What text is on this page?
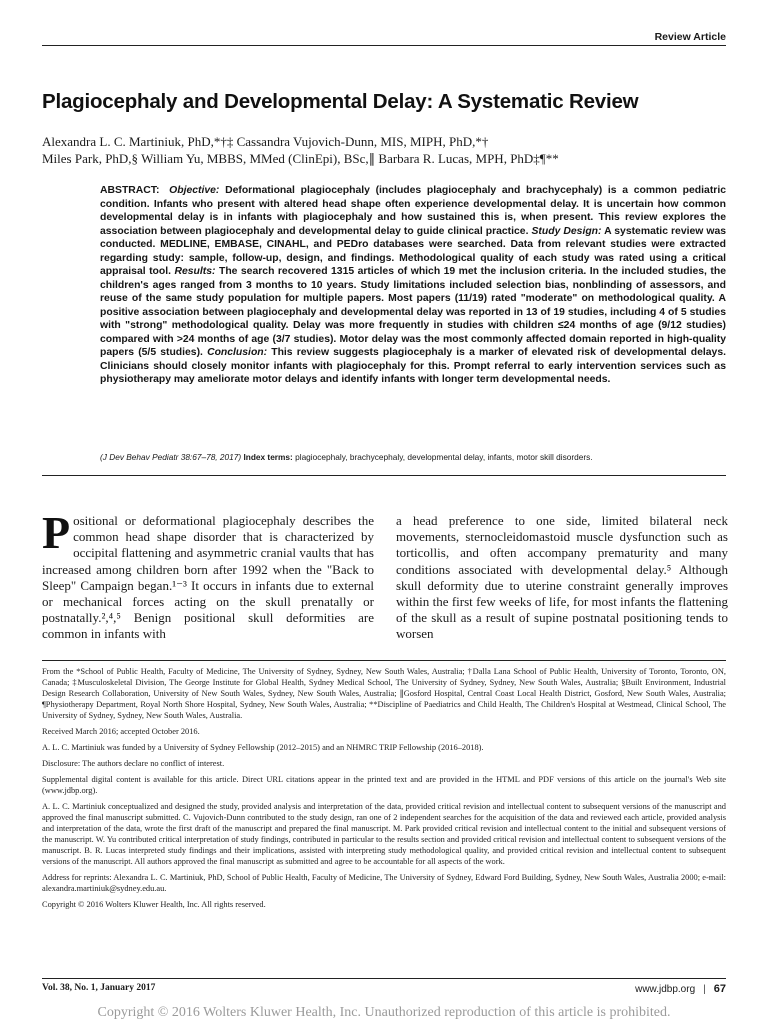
Review Article
Plagiocephaly and Developmental Delay: A Systematic Review
Alexandra L. C. Martiniuk, PhD,*†‡ Cassandra Vujovich-Dunn, MIS, MIPH, PhD,*†
Miles Park, PhD,§ William Yu, MBBS, MMed (ClinEpi), BSc,∥ Barbara R. Lucas, MPH, PhD‡¶**
ABSTRACT: Objective: Deformational plagiocephaly (includes plagiocephaly and brachycephaly) is a common pediatric condition. Infants who present with altered head shape often experience developmental delay. It is uncertain how common developmental delay is in infants with plagiocephaly and how sustained this is, when present. This review explores the association between plagiocephaly and developmental delay to guide clinical practice. Study Design: A systematic review was conducted. MEDLINE, EMBASE, CINAHL, and PEDro databases were searched. Data from relevant studies were extracted regarding study: sample, follow-up, design, and findings. Methodological quality of each study was rated using a critical appraisal tool. Results: The search recovered 1315 articles of which 19 met the inclusion criteria. In the included studies, the children's ages ranged from 3 months to 10 years. Study limitations included selection bias, nonblinding of assessors, and reuse of the same study population for multiple papers. Most papers (11/19) rated "moderate" on methodological quality. A positive association between plagiocephaly and developmental delay was reported in 13 of 19 studies, including 4 of 5 studies with "strong" methodological quality. Delay was more frequently in studies with children ≤24 months of age (9/12 studies) compared with >24 months of age (3/7 studies). Motor delay was the most commonly affected domain reported in high-quality papers (5/5 studies). Conclusion: This review suggests plagiocephaly is a marker of elevated risk of developmental delays. Clinicians should closely monitor infants with plagiocephaly for this. Prompt referral to early intervention services such as physiotherapy may ameliorate motor delays and identify infants with longer term developmental needs.
(J Dev Behav Pediatr 38:67–78, 2017) Index terms: plagiocephaly, brachycephaly, developmental delay, infants, motor skill disorders.
P ositional or deformational plagiocephaly describes the common head shape disorder that is characterized by occipital flattening and asymmetric cranial vaults that has increased among children born after 1992 when the "Back to Sleep" Campaign began.¹⁻³ It occurs in infants due to external or mechanical forces acting on the skull prenatally or postnatally.²,⁴,⁵ Benign positional skull deformities are common in infants with
a head preference to one side, limited bilateral neck movements, sternocleidomastoid muscle dysfunction such as torticollis, and often accompany prematurity and many conditions associated with developmental delay.⁵ Although skull deformity due to uterine constraint generally improves within the first few weeks of life, for most infants the flattening of the skull as a result of supine postnatal positioning tends to worsen

From the *School of Public Health, Faculty of Medicine, The University of Sydney, Sydney, New South Wales, Australia; †Dalla Lana School of Public Health, University of Toronto, Toronto, ON, Canada; ‡Musculoskeletal Division, The George Institute for Global Health, Sydney Medical School, The University of Sydney, Sydney, New South Wales, Australia; §Built Environment, Industrial Design Research Collaboration, University of New South Wales, Sydney, New South Wales, Australia; ∥Gosford Hospital, Central Coast Local Health District, Gosford, New South Wales, Australia; ¶Physiotherapy Department, Royal North Shore Hospital, Sydney, New South Wales, Australia; **Discipline of Paediatrics and Child Health, The Children's Hospital at Westmead, Clinical School, The University of Sydney, Sydney, New South Wales, Australia.

Received March 2016; accepted October 2016.

A. L. C. Martiniuk was funded by a University of Sydney Fellowship (2012–2015) and an NHMRC TRIP Fellowship (2016–2018).

Disclosure: The authors declare no conflict of interest.

Supplemental digital content is available for this article. Direct URL citations appear in the printed text and are provided in the HTML and PDF versions of this article on the journal's Web site (www.jdbp.org).

A. L. C. Martiniuk conceptualized and designed the study, provided analysis and interpretation of the data, provided critical revision and intellectual content to subsequent versions of the manuscript and approved the final manuscript submitted. C. Vujovich-Dunn contributed to the study design, ran one of 2 independent searches for the acquisition of the data and reviewed each article, provided analysis and interpretation of the data, wrote the first draft of the manuscript and prepared the final manuscript. M. Park provided critical revision and intellectual content to the initial and subsequent versions of the manuscript. W. Yu contributed critical interpretation of study findings, contributed in particular to the results section and provided critical revision and intellectual content to subsequent versions of the manuscript. B. R. Lucas interpreted study findings and their implications, assisted with interpreting study methodological quality, and provided critical revision and intellectual content to subsequent versions of the manuscript. All authors approved the final manuscript as submitted and agree to be accountable for all aspects of the work.

Address for reprints: Alexandra L. C. Martiniuk, PhD, School of Public Health, Faculty of Medicine, The University of Sydney, Edward Ford Building, Sydney, New South Wales, Australia 2000; e-mail: alexandra.martiniuk@sydney.edu.au.

Copyright © 2016 Wolters Kluwer Health, Inc. All rights reserved.

Vol. 38, No. 1, January 2017	www.jdbp.org | 67
Copyright © 2016 Wolters Kluwer Health, Inc. Unauthorized reproduction of this article is prohibited.
